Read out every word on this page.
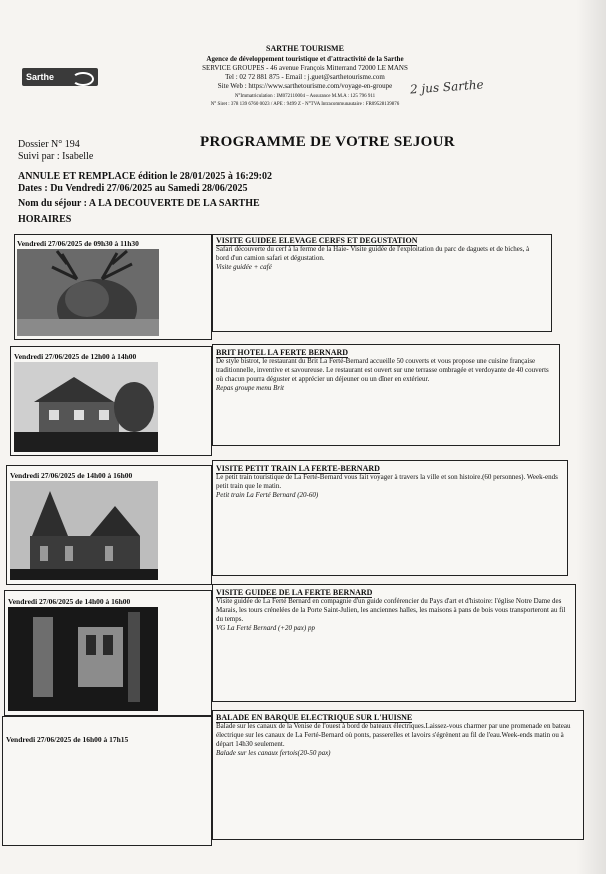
Sarthe
SARTHE TOURISME
Agence de développement touristique et d'attractivité de la Sarthe
SERVICE GROUPES - 46 avenue François Mitterrand 72000 LE MANS
Tel : 02 72 881 875 - Email : j.guet@sarthetourisme.com
Site Web : https://www.sarthetourisme.com/voyage-en-groupe
N°Immatriculation : IM072110004 – Assurance M.M.A : 125 796 911
N° Siret : 378 139 6760 0023 / APE : 9499 Z - N°TVA Intracommunautaire : FR09528139876
2 jus Sarthe
Dossier N° 194
Suivi par : Isabelle
PROGRAMME DE VOTRE SEJOUR
ANNULE ET REMPLACE édition le 28/01/2025 à 16:29:02
Dates : Du Vendredi 27/06/2025 au Samedi 28/06/2025
Nom du séjour : A LA DECOUVERTE DE LA SARTHE
HORAIRES
Vendredi 27/06/2025 de 09h30 à 11h30	VISITE GUIDEE ELEVAGE CERFS ET DEGUSTATION
Safari découverte du cerf à la ferme de la Haie- Visite guidée de l'exploitation du parc de daguets et de biches, à bord d'un camion safari et dégustation.
Visite guidée + café
Vendredi 27/06/2025 de 12h00 à 14h00	BRIT HOTEL LA FERTE BERNARD
De style bistrot, le restaurant du Brit La Ferté-Bernard accueille 50 couverts et vous propose une cuisine française traditionnelle, inventive et savoureuse. Le restaurant est ouvert sur une terrasse ombragée et verdoyante de 40 couverts où chacun pourra déguster et apprécier un déjeuner ou un dîner en extérieur.
Repas groupe menu Brit
Vendredi 27/06/2025 de 14h00 à 16h00
VISITE PETIT TRAIN LA FERTE-BERNARD
Le petit train touristique de La Ferté-Bernard vous fait voyager à travers la ville et son histoire.(60 personnes). Week-ends petit train que le matin.
Petit train La Ferté Bernard (20-60)
Vendredi 27/06/2025 de 14h00 à 16h00
VISITE GUIDEE DE LA FERTE BERNARD
Visite guidée de La Ferté Bernard en compagnie d'un guide conférencier du Pays d'art et d'histoire: l'église Notre Dame des Marais, les tours crénelées de la Porte Saint-Julien, les anciennes halles, les maisons à pans de bois vous transporteront au fil du temps.
VG La Ferté Bernard (+20 pax) pp
Vendredi 27/06/2025 de 16h00 à 17h15
BALADE EN BARQUE ELECTRIQUE SUR L'HUISNE
Balade sur les canaux de la Venise de l'ouest à bord de bateaux électriques.Laissez-vous charmer par une promenade en bateau électrique sur les canaux de La Ferté-Bernard où ponts, passerelles et lavoirs s'égrènent au fil de l'eau.Week-ends matin ou à départ 14h30 seulement.
Balade sur les canaux fertois(20-50 pax)
